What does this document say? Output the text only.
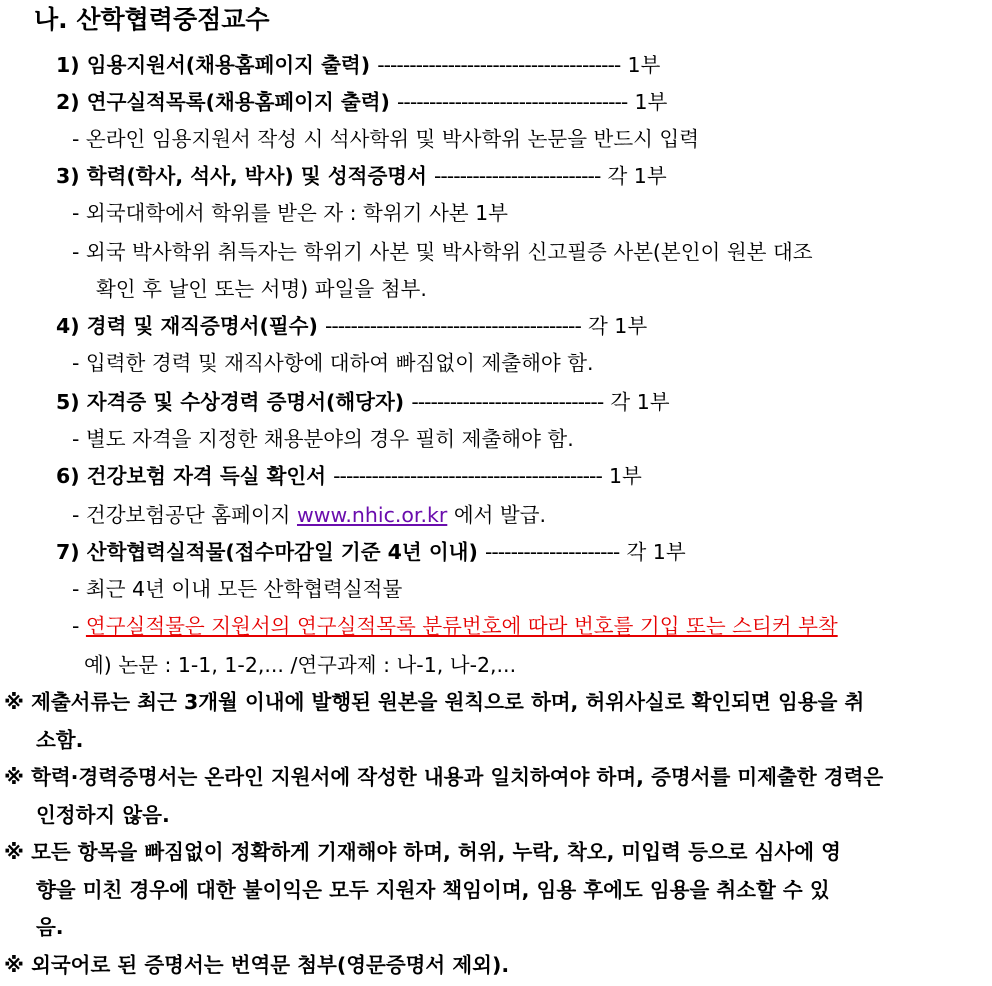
나. 산학협력중점교수
1) 임용지원서(채용홈페이지 출력) -------------------------------------- 1부
2) 연구실적목록(채용홈페이지 출력) ------------------------------------ 1부
- 온라인 임용지원서 작성 시 석사학위 및 박사학위 논문을 반드시 입력
3) 학력(학사, 석사, 박사) 및 성적증명서 -------------------------- 각 1부
- 외국대학에서 학위를 받은 자 : 학위기 사본 1부
- 외국 박사학위 취득자는 학위기 사본 및 박사학위 신고필증 사본(본인이 원본 대조
확인 후 날인 또는 서명) 파일을 첨부.
4) 경력 및 재직증명서(필수) ---------------------------------------- 각 1부
- 입력한 경력 및 재직사항에 대하여 빠짐없이 제출해야 함.
5) 자격증 및 수상경력 증명서(해당자) ------------------------------ 각 1부
- 별도 자격을 지정한 채용분야의 경우 필히 제출해야 함.
6) 건강보험 자격 득실 확인서 ------------------------------------------ 1부
- 건강보험공단 홈페이지 www.nhic.or.kr 에서 발급.
7) 산학협력실적물(접수마감일 기준 4년 이내) --------------------- 각 1부
- 최근 4년 이내 모든 산학협력실적물
- 연구실적물은 지원서의 연구실적목록 분류번호에 따라 번호를 기입 또는 스티커 부착
예) 논문 : 1-1, 1-2,... /연구과제 : 나-1, 나-2,...
※ 제출서류는 최근 3개월 이내에 발행된 원본을 원칙으로 하며, 허위사실로 확인되면 임용을 취
소함.
※ 학력·경력증명서는 온라인 지원서에 작성한 내용과 일치하여야 하며, 증명서를 미제출한 경력은
인정하지 않음.
※ 모든 항목을 빠짐없이 정확하게 기재해야 하며, 허위, 누락, 착오, 미입력 등으로 심사에 영
향을 미친 경우에 대한 불이익은 모두 지원자 책임이며, 임용 후에도 임용을 취소할 수 있
음.
※ 외국어로 된 증명서는 번역문 첨부(영문증명서 제외).
